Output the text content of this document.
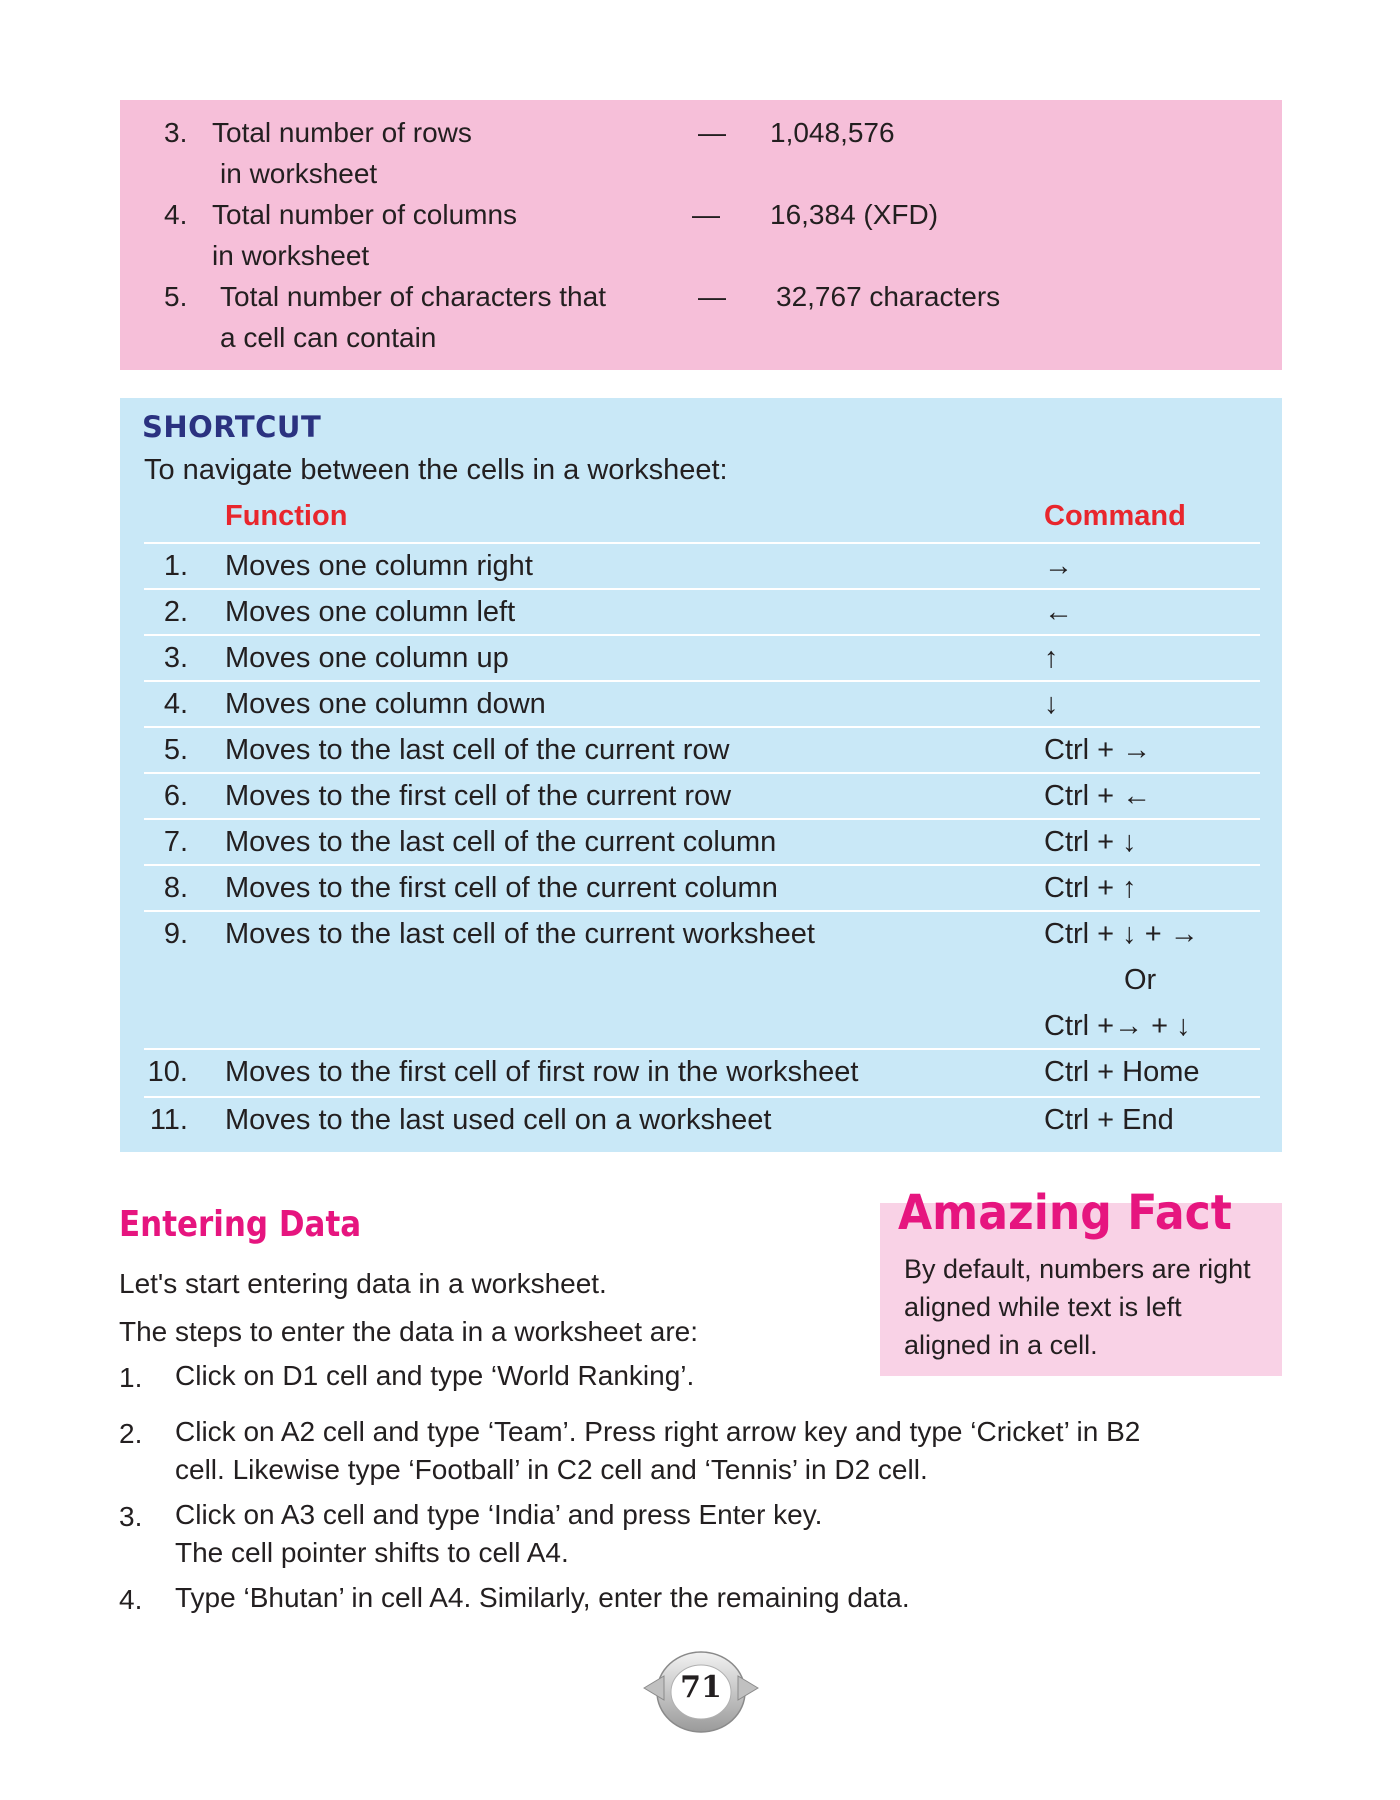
3. Total number of rows
in worksheet
— 1,048,576
4. Total number of columns
in worksheet
— 16,384 (XFD)
5. Total number of characters that
a cell can contain
— 32,767 characters
SHORTCUT
To navigate between the cells in a worksheet:
Function	Command
1. Moves one column right	→
2. Moves one column left	←
3. Moves one column up	↑
4. Moves one column down	↓
5. Moves to the last cell of the current row	Ctrl + →
6. Moves to the first cell of the current row	Ctrl + ←
7. Moves to the last cell of the current column	Ctrl + ↓
8. Moves to the first cell of the current column	Ctrl + ↑
9. Moves to the last cell of the current worksheet	Ctrl + ↓ + →
Or
Ctrl +→ + ↓
10. Moves to the first cell of first row in the worksheet	Ctrl + Home
11. Moves to the last used cell on a worksheet	Ctrl + End
Entering Data
Let's start entering data in a worksheet.
The steps to enter the data in a worksheet are:
1. Click on D1 cell and type ‘World Ranking’.
2. Click on A2 cell and type ‘Team’. Press right arrow key and type ‘Cricket’ in B2
cell. Likewise type ‘Football’ in C2 cell and ‘Tennis’ in D2 cell.
3. Click on A3 cell and type ‘India’ and press Enter key.
The cell pointer shifts to cell A4.
4. Type ‘Bhutan’ in cell A4. Similarly, enter the remaining data.
Amazing Fact
By default, numbers are right
aligned while text is left
aligned in a cell.
71
